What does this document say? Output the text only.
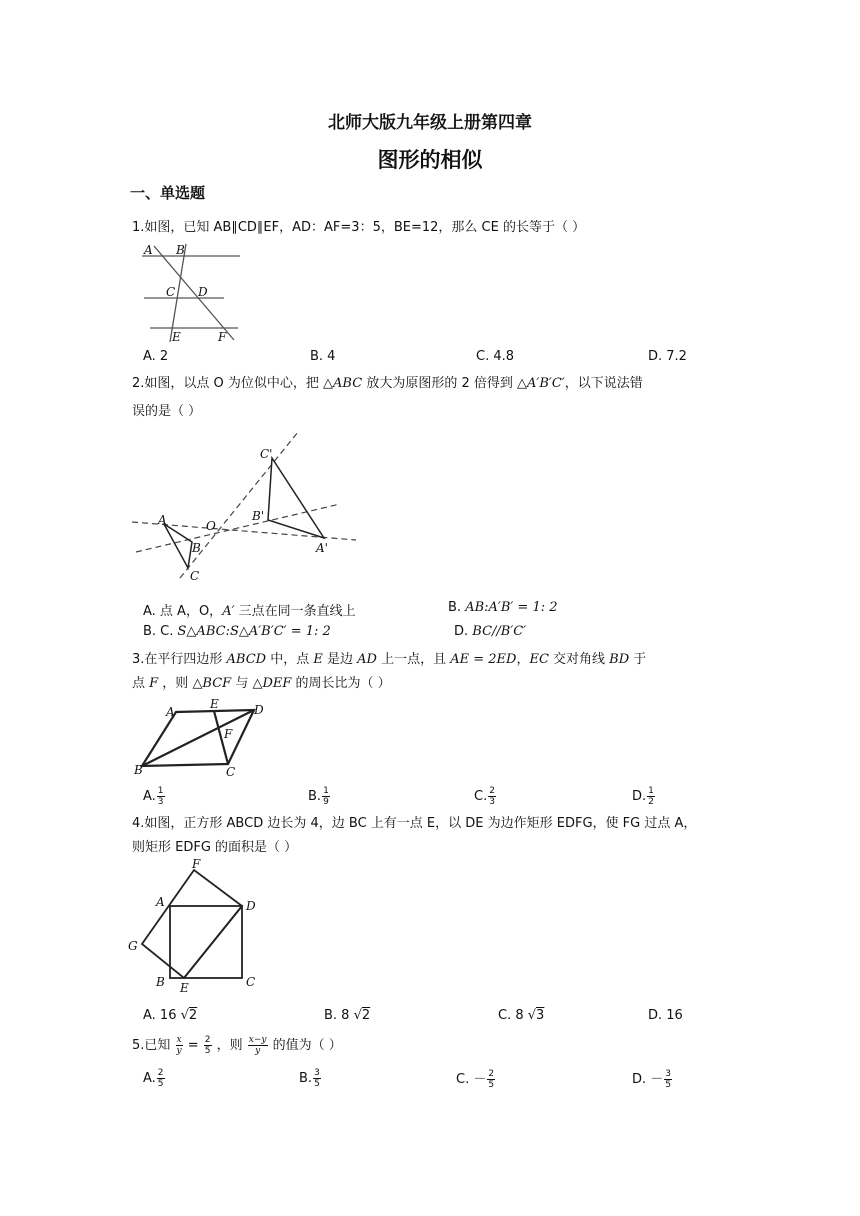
北师大版九年级上册第四章
图形的相似
一、单选题
1.如图，已知 AB∥CD∥EF，AD：AF=3：5，BE=12，那么 CE 的长等于（ ）
A B
C D
E	F
A. 2	B. 4	C. 4.8	D. 7.2
2.如图，以点 O 为位似中心，把 △ABC 放大为原图形的 2 倍得到 △A′B′C′，以下说法错
误的是（ ）
A	O
B
C
C'
B'
A'
A. 点 A，O，A′ 三点在同一条直线上	B. AB:A′B′ = 1: 2
B. C. S△ABC:S△A′B′C′ = 1: 2	D. BC//B′C′
3.在平行四边形 ABCD 中，点 E 是边 AD 上一点，且 AE = 2ED，EC 交对角线 BD 于
点 F ，则 △BCF 与 △DEF 的周长比为（ ）
A
E	D
F
B	C
A. $\frac{1}{3}$	B. $\frac{1}{9}$	C. $\frac{2}{3}$	D. $\frac{1}{2}$
4.如图，正方形 ABCD 边长为 4，边 BC 上有一点 E，以 DE 为边作矩形 EDFG，使 FG 过点 A，
则矩形 EDFG 的面积是（ ）
F
A	D
G
B E	C
A. 16 √2	B. 8 √2	C. 8 √3	D. 16
5.已知 $\frac{x}{y} = \frac{2}{5}$ ，则 $\frac{x-y}{y}$ 的值为（ ）
A. $\frac{2}{5}$	B. $\frac{3}{5}$	C. － $\frac{2}{5}$	D. － $\frac{3}{5}$
